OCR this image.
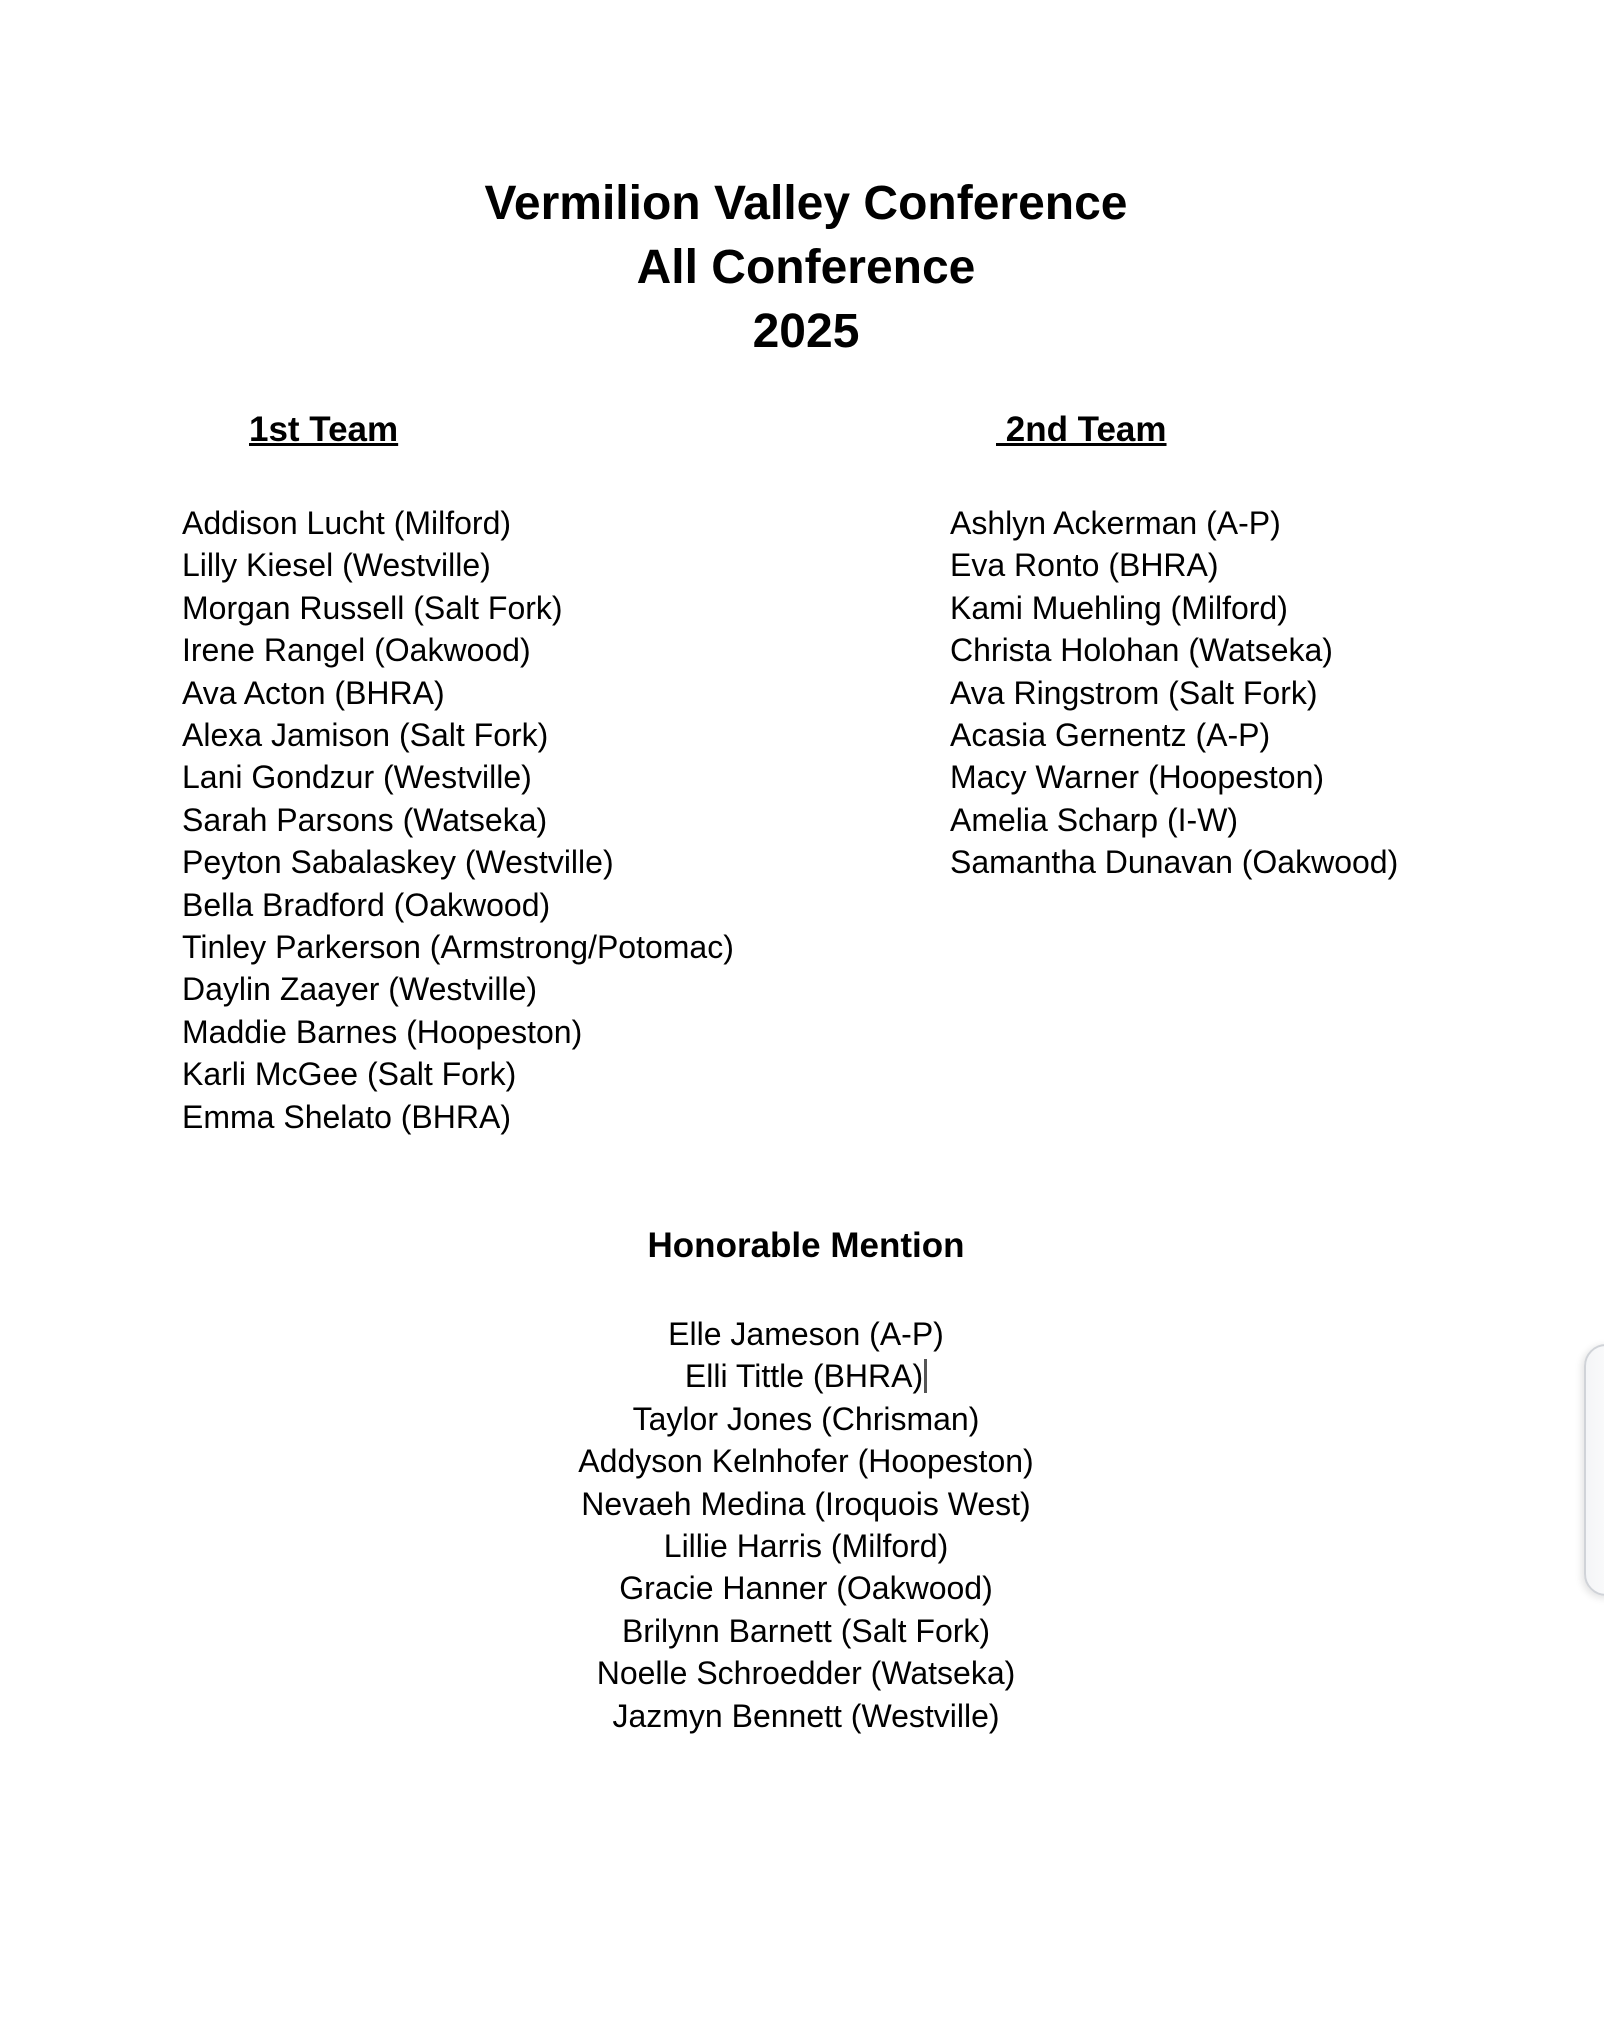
Vermilion Valley Conference
All Conference
2025
1st Team	2nd Team
Addison Lucht (Milford)
Lilly Kiesel (Westville)
Morgan Russell (Salt Fork)
Irene Rangel (Oakwood)
Ava Acton (BHRA)
Alexa Jamison (Salt Fork)
Lani Gondzur (Westville)
Sarah Parsons (Watseka)
Peyton Sabalaskey (Westville)
Bella Bradford (Oakwood)
Tinley Parkerson (Armstrong/Potomac)
Daylin Zaayer (Westville)
Maddie Barnes (Hoopeston)
Karli McGee (Salt Fork)
Emma Shelato (BHRA)
Ashlyn Ackerman (A-P)
Eva Ronto (BHRA)
Kami Muehling (Milford)
Christa Holohan (Watseka)
Ava Ringstrom (Salt Fork)
Acasia Gernentz (A-P)
Macy Warner (Hoopeston)
Amelia Scharp (I-W)
Samantha Dunavan (Oakwood)
Honorable Mention
Elle Jameson (A-P)
Elli Tittle (BHRA)
Taylor Jones (Chrisman)
Addyson Kelnhofer (Hoopeston)
Nevaeh Medina (Iroquois West)
Lillie Harris (Milford)
Gracie Hanner (Oakwood)
Brilynn Barnett (Salt Fork)
Noelle Schroedder (Watseka)
Jazmyn Bennett (Westville)
